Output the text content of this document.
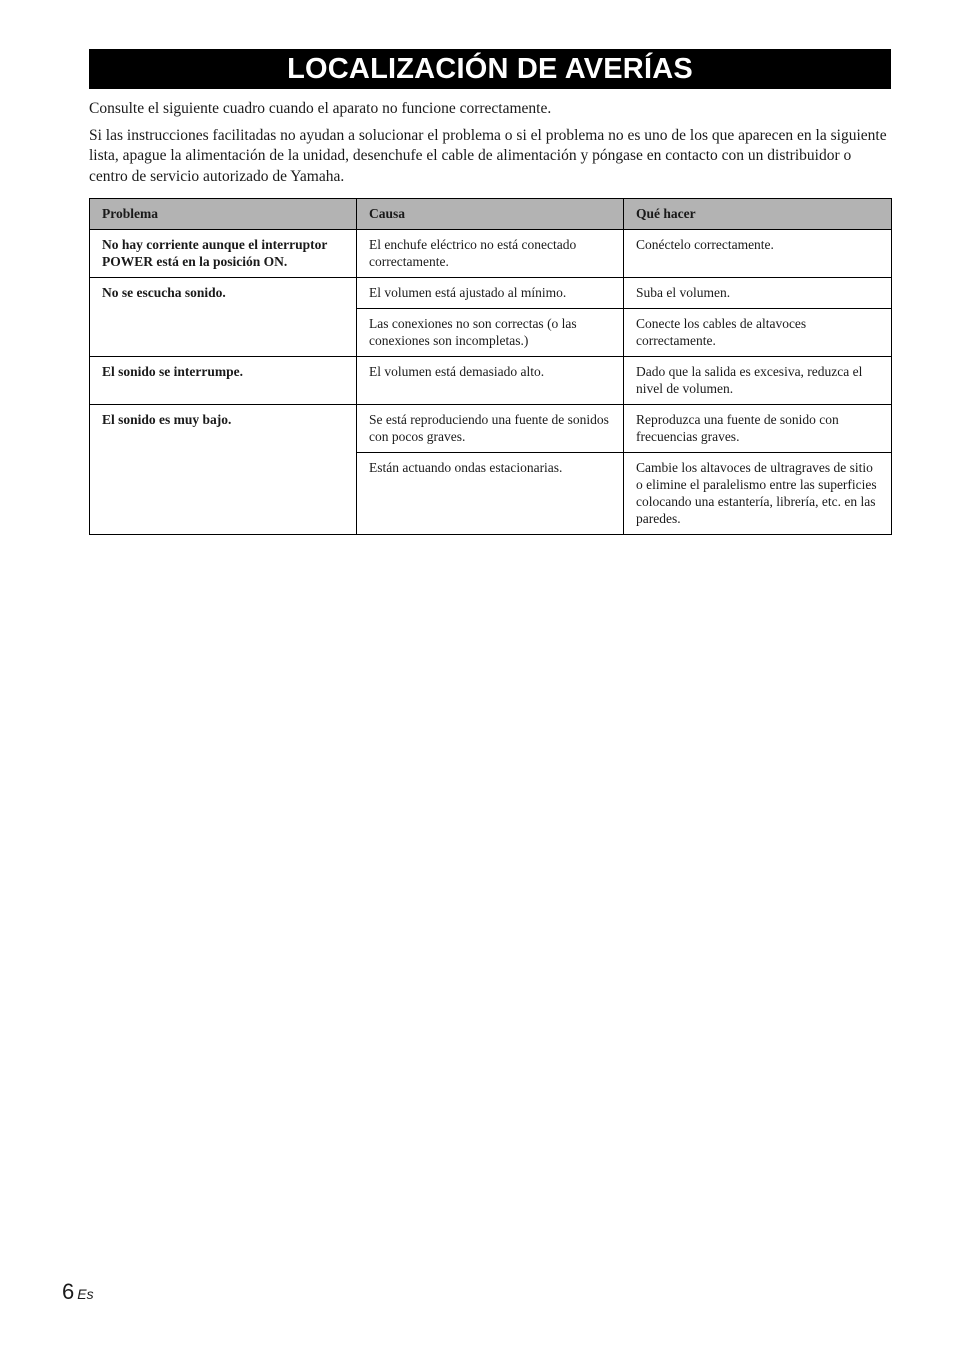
LOCALIZACIÓN DE AVERÍAS

Consulte el siguiente cuadro cuando el aparato no funcione correctamente.

Si las instrucciones facilitadas no ayudan a solucionar el problema o si el problema no es uno de los que aparecen en la siguiente lista, apague la alimentación de la unidad, desenchufe el cable de alimentación y póngase en contacto con un distribuidor o centro de servicio autorizado de Yamaha.

Problema	Causa	Qué hacer
No hay corriente aunque el interruptor POWER está en la posición ON.	El enchufe eléctrico no está conectado correctamente.	Conéctelo correctamente.
No se escucha sonido.	El volumen está ajustado al mínimo.	Suba el volumen.
	Las conexiones no son correctas (o las conexiones son incompletas.)	Conecte los cables de altavoces correctamente.
El sonido se interrumpe.	El volumen está demasiado alto.	Dado que la salida es excesiva, reduzca el nivel de volumen.
El sonido es muy bajo.	Se está reproduciendo una fuente de sonidos con pocos graves.	Reproduzca una fuente de sonido con frecuencias graves.
	Están actuando ondas estacionarias.	Cambie los altavoces de ultragraves de sitio o elimine el paralelismo entre las superficies colocando una estantería, librería, etc. en las paredes.
6 Es
